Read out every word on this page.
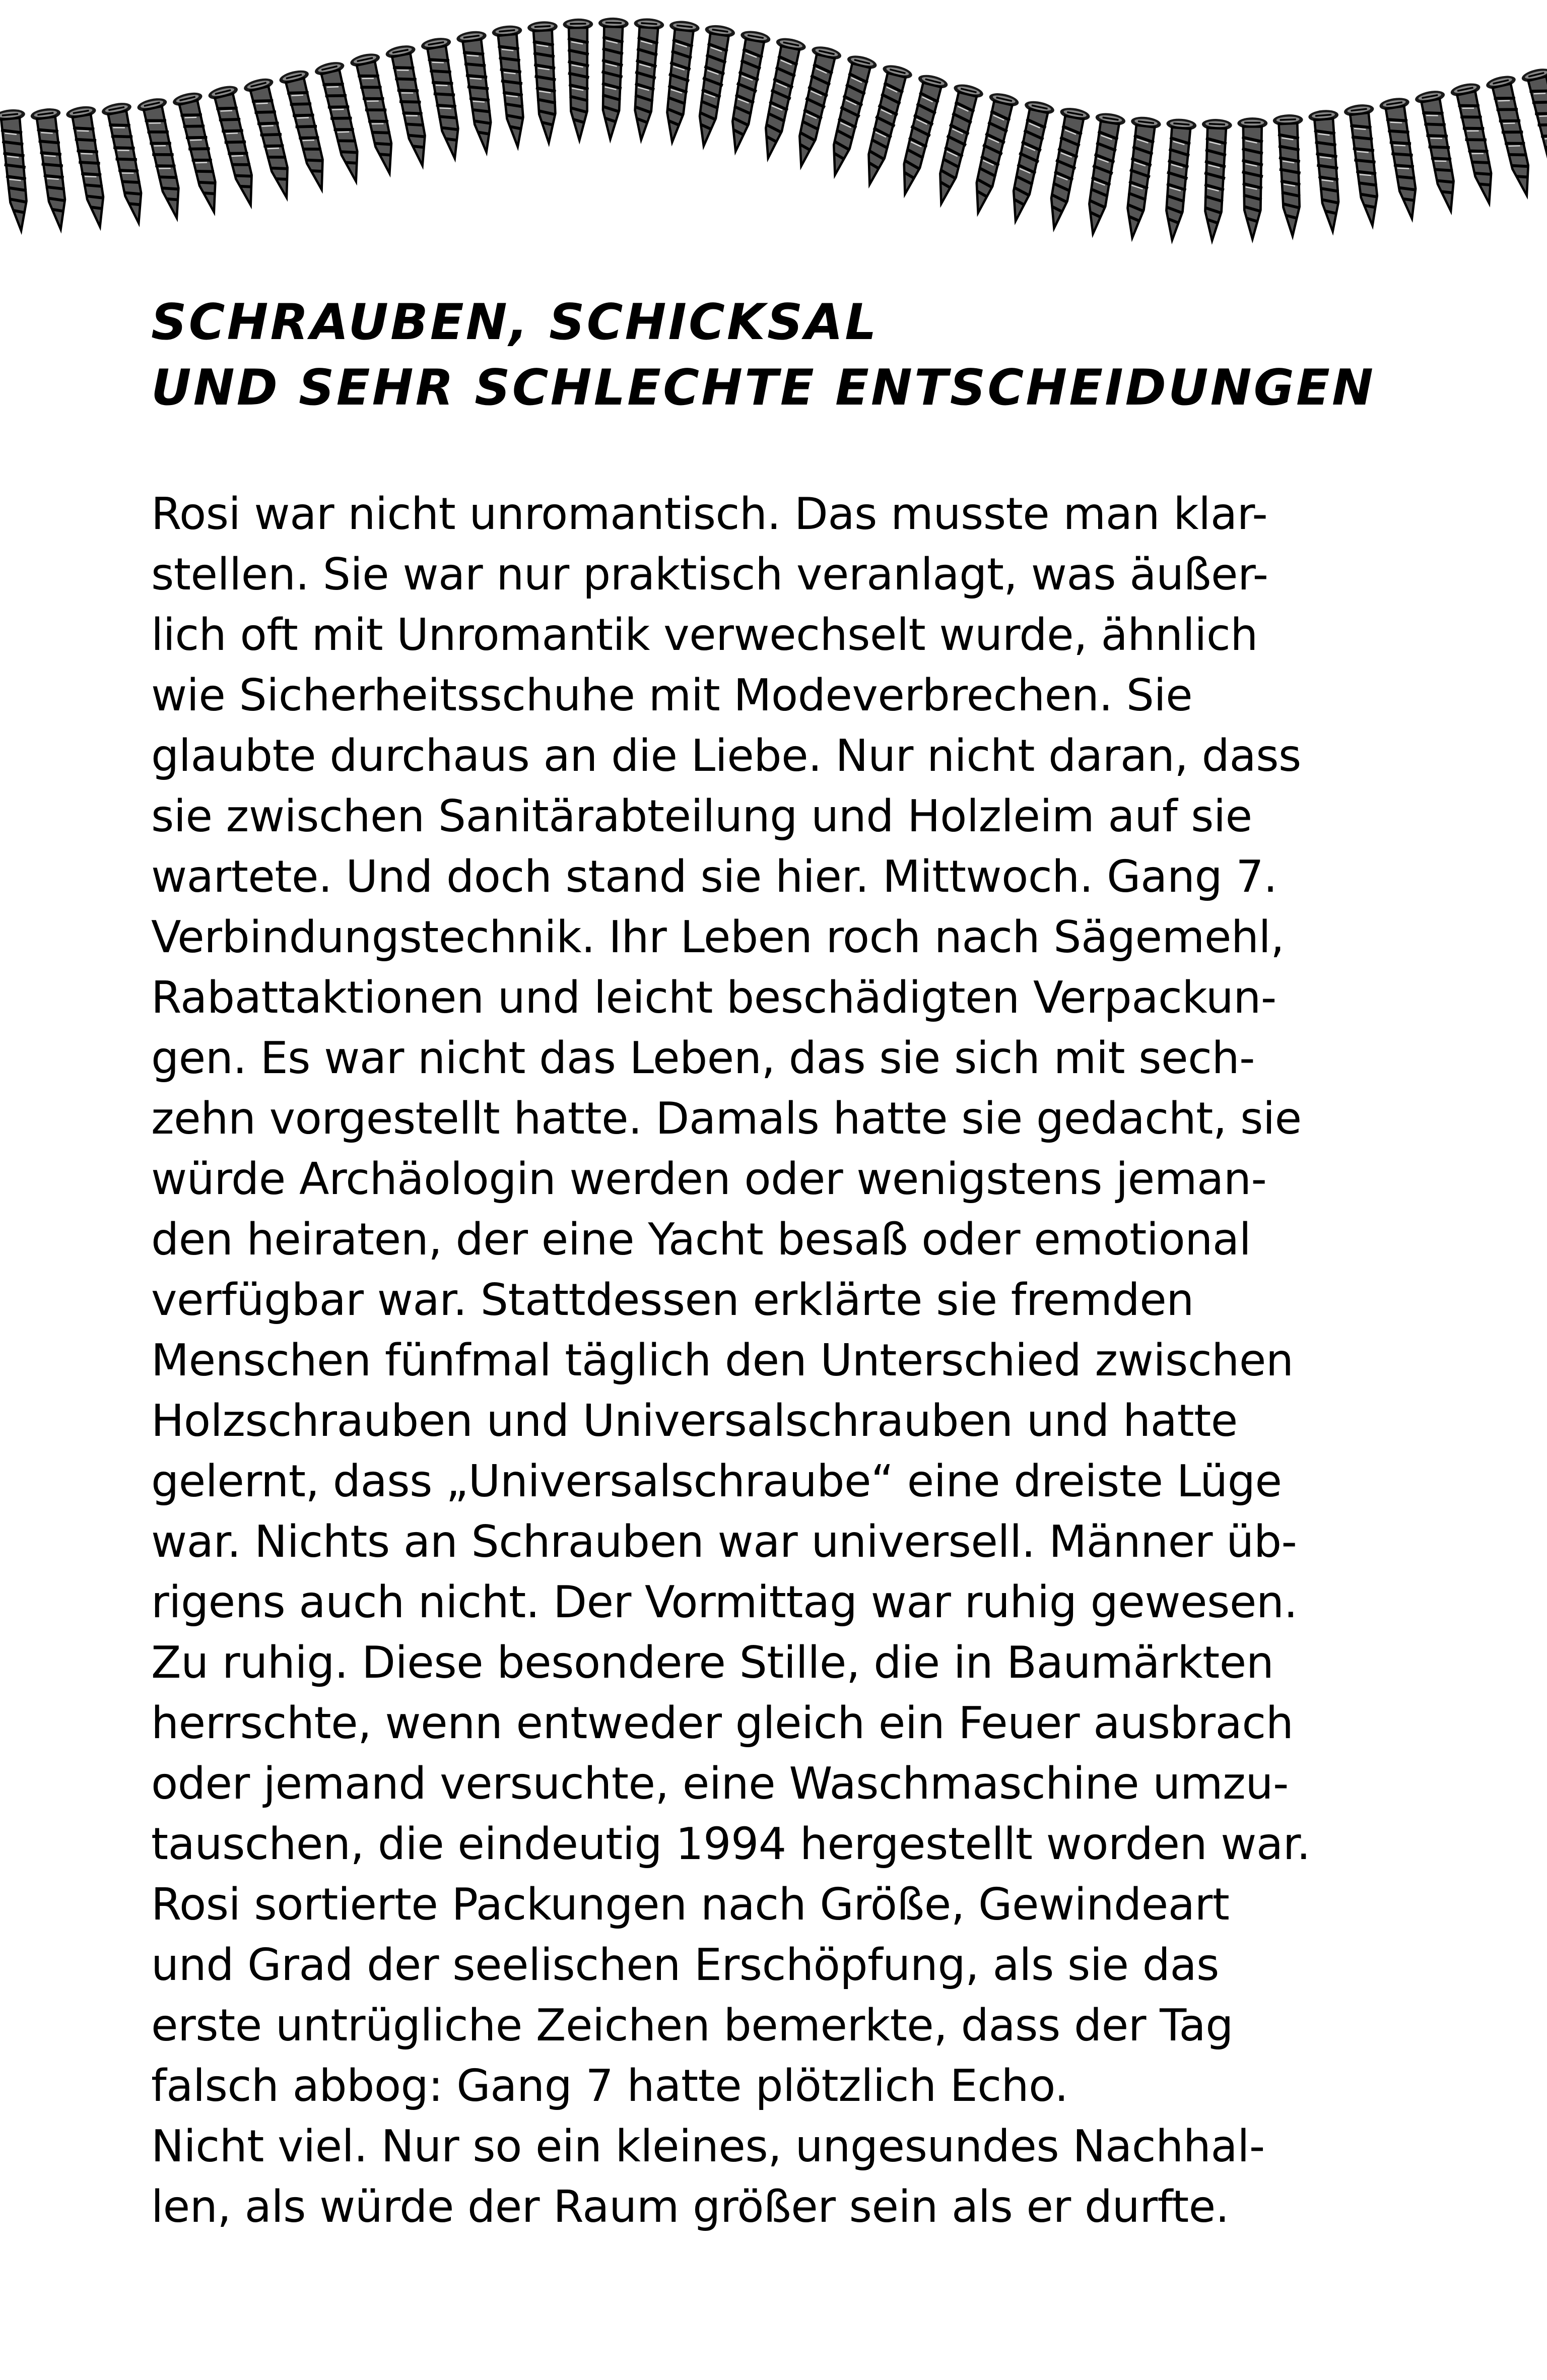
SCHRAUBEN, SCHICKSAL
UND SEHR SCHLECHTE ENTSCHEIDUNGEN
Rosi war nicht unromantisch. Das musste man klar-
stellen. Sie war nur praktisch veranlagt, was äußer-
lich oft mit Unromantik verwechselt wurde, ähnlich
wie Sicherheitsschuhe mit Modeverbrechen. Sie
glaubte durchaus an die Liebe. Nur nicht daran, dass
sie zwischen Sanitärabteilung und Holzleim auf sie
wartete. Und doch stand sie hier. Mittwoch. Gang 7.
Verbindungstechnik. Ihr Leben roch nach Sägemehl,
Rabattaktionen und leicht beschädigten Verpackun-
gen. Es war nicht das Leben, das sie sich mit sech-
zehn vorgestellt hatte. Damals hatte sie gedacht, sie
würde Archäologin werden oder wenigstens jeman-
den heiraten, der eine Yacht besaß oder emotional
verfügbar war. Stattdessen erklärte sie fremden
Menschen fünfmal täglich den Unterschied zwischen
Holzschrauben und Universalschrauben und hatte
gelernt, dass „Universalschraube“ eine dreiste Lüge
war. Nichts an Schrauben war universell. Männer üb-
rigens auch nicht. Der Vormittag war ruhig gewesen.
Zu ruhig. Diese besondere Stille, die in Baumärkten
herrschte, wenn entweder gleich ein Feuer ausbrach
oder jemand versuchte, eine Waschmaschine umzu-
tauschen, die eindeutig 1994 hergestellt worden war.
Rosi sortierte Packungen nach Größe, Gewindeart
und Grad der seelischen Erschöpfung, als sie das
erste untrügliche Zeichen bemerkte, dass der Tag
falsch abbog: Gang 7 hatte plötzlich Echo.
Nicht viel. Nur so ein kleines, ungesundes Nachhal-
len, als würde der Raum größer sein als er durfte.
